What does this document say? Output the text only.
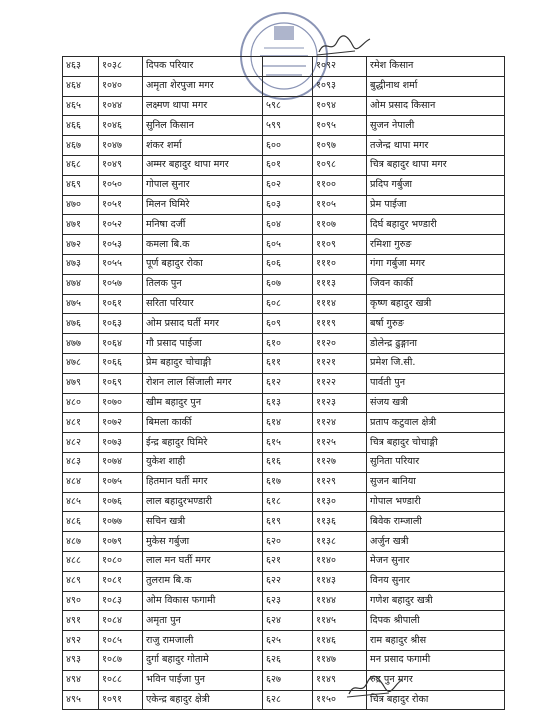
४६३	१०३८	दिपक परियार		१०९२	रमेश किसान
४६४	१०४०	अमृता शेरपुजा मगर		१०९३	बुद्धीनाथ शर्मा
४६५	१०४४	लक्ष्मण थापा मगर	५९८	१०९४	ओम प्रसाद किसान
४६६	१०४६	सुनिल किसान	५९९	१०९५	सुजन नेपाली
४६७	१०४७	शंकर शर्मा	६००	१०९७	तजेन्द्र थापा मगर
४६८	१०४९	अम्मर बहादुर थापा मगर	६०१	१०९८	चित्र बहादुर थापा मगर
४६९	१०५०	गोपाल सुनार	६०२	११००	प्रदिप गर्बुजा
४७०	१०५१	मिलन घिमिरे	६०३	११०५	प्रेम पाईजा
४७१	१०५२	मनिषा दर्जी	६०४	११०७	दिर्घ बहादुर भण्डारी
४७२	१०५३	कमला बि.क	६०५	११०९	रमिशा गुरुङ
४७३	१०५५	पूर्ण बहादुर रोका	६०६	१११०	गंगा गर्बुजा मगर
४७४	१०५७	तिलक पुन	६०७	१११३	जिवन कार्की
४७५	१०६१	सरिता परियार	६०८	१११४	कृष्ण बहादुर खत्री
४७६	१०६३	ओम प्रसाद घर्ती मगर	६०९	१११९	बर्षा गुरुङ
४७७	१०६४	गौ प्रसाद पाईजा	६१०	११२०	डोलेन्द्र ढुङ्गाना
४७८	१०६६	प्रेम बहादुर चोचाङ्गी	६११	११२१	प्रमेश जि.सी.
४७९	१०६९	रोशन लाल सिंजाली मगर	६१२	११२२	पार्वती पुन
४८०	१०७०	खीम बहादुर पुन	६१३	११२३	संजय खत्री
४८१	१०७२	बिमला कार्की	६१४	११२४	प्रताप कटुवाल क्षेत्री
४८२	१०७३	ईन्द्र बहादुर घिमिरे	६१५	११२५	चित्र बहादुर चोचाङ्गी
४८३	१०७४	युकेश शाही	६१६	११२७	सुनिता परियार
४८४	१०७५	हितमान घर्ती मगर	६१७	११२९	सुजन बानिया
४८५	१०७६	लाल बहादुरभण्डारी	६१८	११३०	गोपाल भण्डारी
४८६	१०७७	सचिन खत्री	६१९	११३६	बिवेक राम्जाली
४८७	१०७९	मुकेस गर्बुजा	६२०	११३८	अर्जुन खत्री
४८८	१०८०	लाल मन घर्ती मगर	६२१	११४०	मेजन सुनार
४८९	१०८१	तुलराम बि.क	६२२	११४३	विनय सुनार
४९०	१०८३	ओम विकास फगामी	६२३	११४४	गणेश बहादुर खत्री
४९१	१०८४	अमृता पुन	६२४	११४५	दिपक श्रीपाली
४९२	१०८५	राजु रामजाली	६२५	११४६	राम बहादुर श्रीस
४९३	१०८७	दुर्गा बहादुर गोतामे	६२६	११४७	मन प्रसाद फगामी
४९४	१०८८	भविन पाईजा पुन	६२७	११४९	रुद्र पुन मगर
४९५	१०९१	एकेन्द्र बहादुर क्षेत्री	६२८	११५०	चित्र बहादुर रोका
